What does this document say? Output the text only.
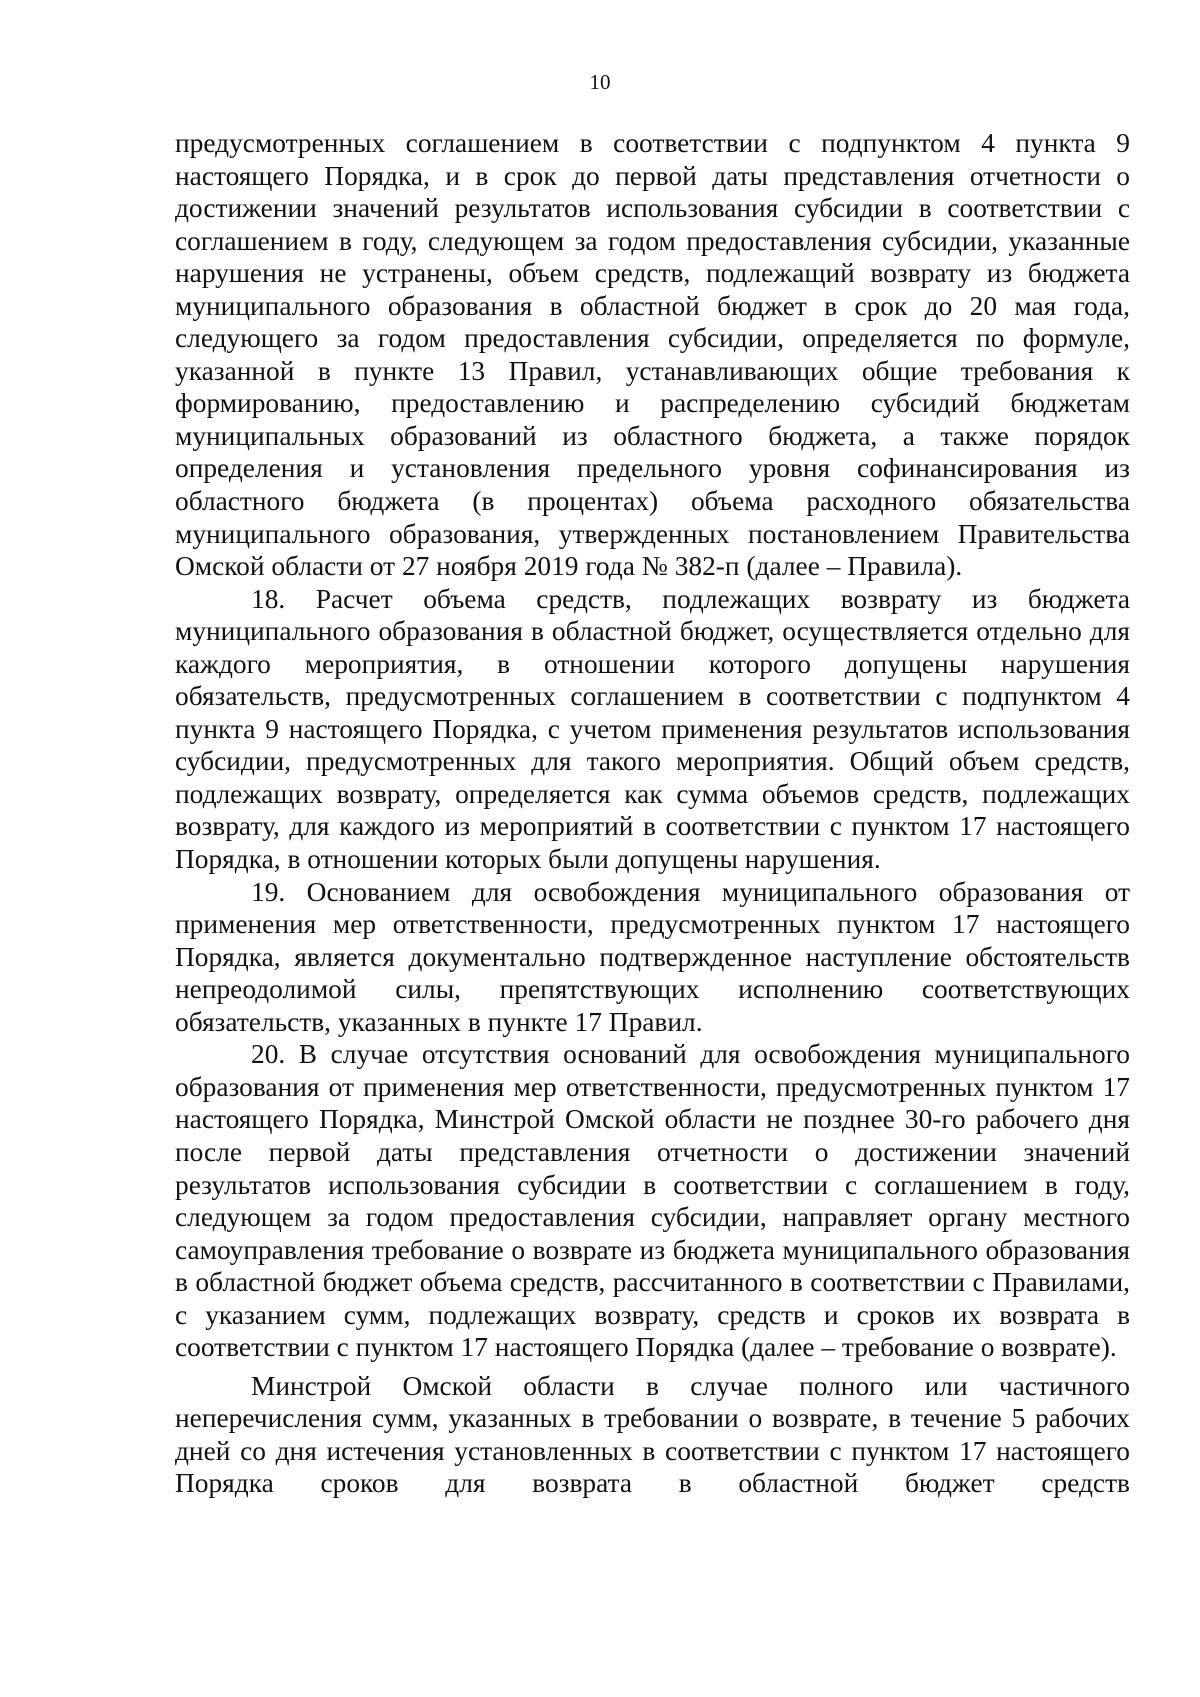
10

предусмотренных соглашением в соответствии с подпунктом 4 пункта 9 настоящего Порядка, и в срок до первой даты представления отчетности о достижении значений результатов использования субсидии в соответствии с соглашением в году, следующем за годом предоставления субсидии, указанные нарушения не устранены, объем средств, подлежащий возврату из бюджета муниципального образования в областной бюджет в срок до 20 мая года, следующего за годом предоставления субсидии, определяется по формуле, указанной в пункте 13 Правил, устанавливающих общие требования к формированию, предоставлению и распределению субсидий бюджетам муниципальных образований из областного бюджета, а также порядок определения и установления предельного уровня софинансирования из областного бюджета (в процентах) объема расходного обязательства муниципального образования, утвержденных постановлением Правительства Омской области от 27 ноября 2019 года № 382-п (далее – Правила).

18. Расчет объема средств, подлежащих возврату из бюджета муниципального образования в областной бюджет, осуществляется отдельно для каждого мероприятия, в отношении которого допущены нарушения обязательств, предусмотренных соглашением в соответствии с подпунктом 4 пункта 9 настоящего Порядка, с учетом применения результатов использования субсидии, предусмотренных для такого мероприятия. Общий объем средств, подлежащих возврату, определяется как сумма объемов средств, подлежащих возврату, для каждого из мероприятий в соответствии с пунктом 17 настоящего Порядка, в отношении которых были допущены нарушения.

19. Основанием для освобождения муниципального образования от применения мер ответственности, предусмотренных пунктом 17 настоящего Порядка, является документально подтвержденное наступление обстоятельств непреодолимой силы, препятствующих исполнению соответствующих обязательств, указанных в пункте 17 Правил.

20. В случае отсутствия оснований для освобождения муниципального образования от применения мер ответственности, предусмотренных пунктом 17 настоящего Порядка, Минстрой Омской области не позднее 30-го рабочего дня после первой даты представления отчетности о достижении значений результатов использования субсидии в соответствии с соглашением в году, следующем за годом предоставления субсидии, направляет органу местного самоуправления требование о возврате из бюджета муниципального образования в областной бюджет объема средств, рассчитанного в соответствии с Правилами, с указанием сумм, подлежащих возврату, средств и сроков их возврата в соответствии с пунктом 17 настоящего Порядка (далее – требование о возврате).

Минстрой Омской области в случае полного или частичного неперечисления сумм, указанных в требовании о возврате, в течение 5 рабочих дней со дня истечения установленных в соответствии с пунктом 17 настоящего Порядка сроков для возврата в областной бюджет средств
